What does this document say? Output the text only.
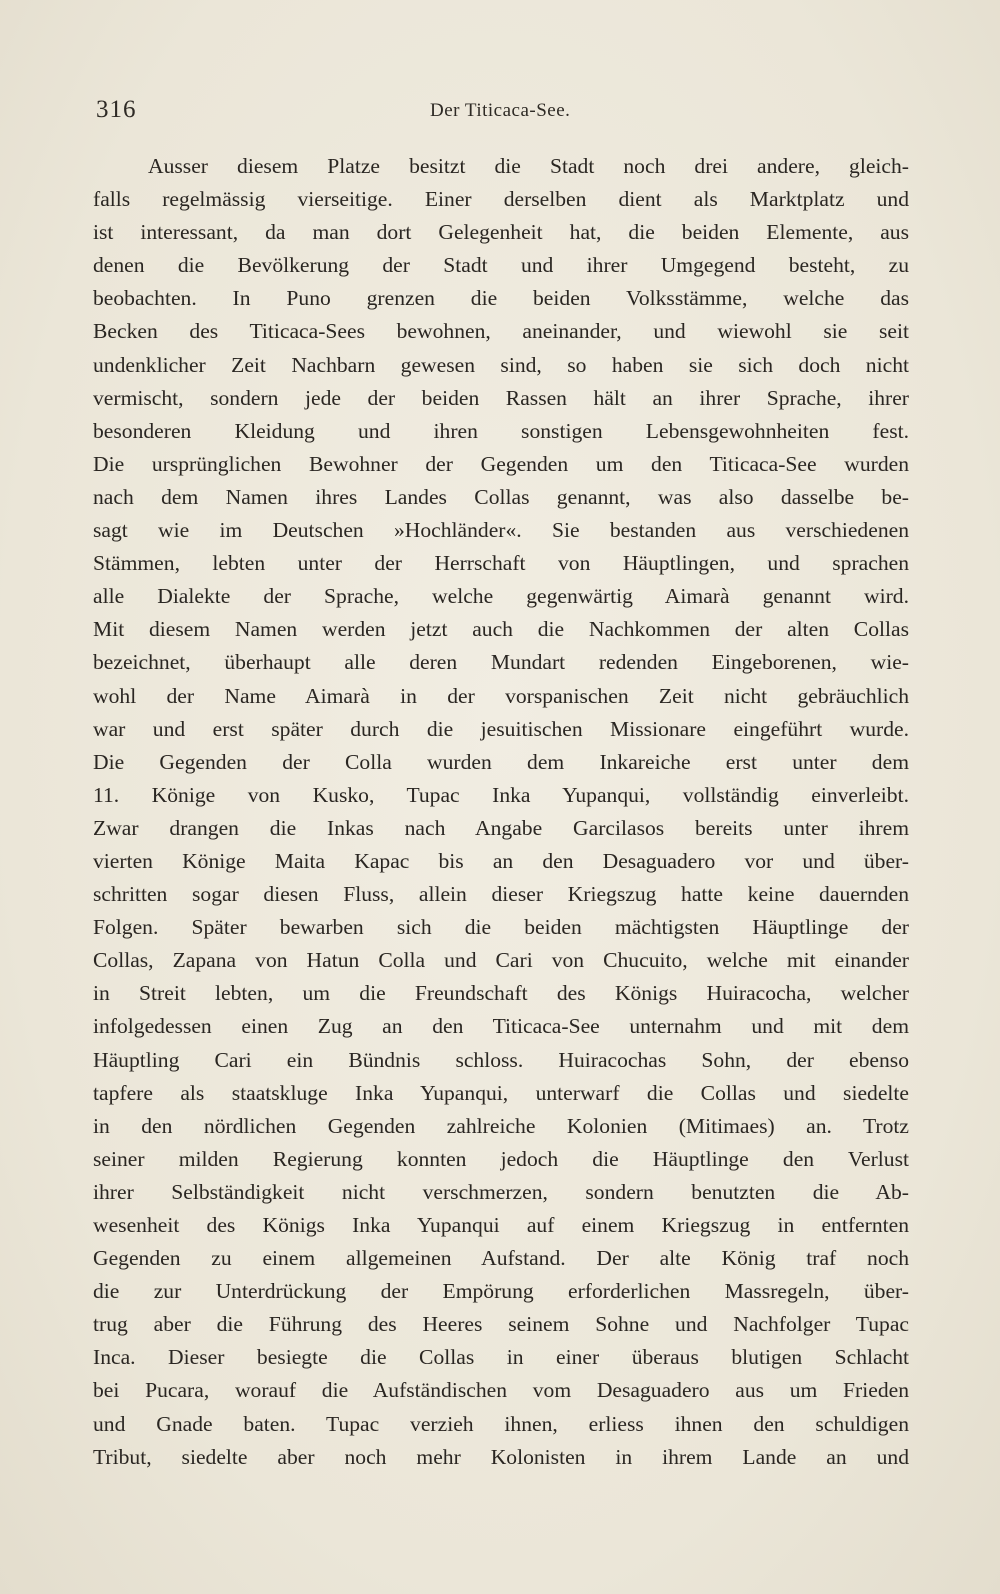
316	Der Titicaca-See.
Ausser diesem Platze besitzt die Stadt noch drei andere, gleich-
falls regelmässig vierseitige. Einer derselben dient als Marktplatz und
ist interessant, da man dort Gelegenheit hat, die beiden Elemente, aus
denen die Bevölkerung der Stadt und ihrer Umgegend besteht, zu
beobachten. In Puno grenzen die beiden Volksstämme, welche das
Becken des Titicaca-Sees bewohnen, aneinander, und wiewohl sie seit
undenklicher Zeit Nachbarn gewesen sind, so haben sie sich doch nicht
vermischt, sondern jede der beiden Rassen hält an ihrer Sprache, ihrer
besonderen Kleidung und ihren sonstigen Lebensgewohnheiten fest.
Die ursprünglichen Bewohner der Gegenden um den Titicaca-See wurden
nach dem Namen ihres Landes Collas genannt, was also dasselbe be-
sagt wie im Deutschen »Hochländer«. Sie bestanden aus verschiedenen
Stämmen, lebten unter der Herrschaft von Häuptlingen, und sprachen
alle Dialekte der Sprache, welche gegenwärtig Aimarà genannt wird.
Mit diesem Namen werden jetzt auch die Nachkommen der alten Collas
bezeichnet, überhaupt alle deren Mundart redenden Eingeborenen, wie-
wohl der Name Aimarà in der vorspanischen Zeit nicht gebräuchlich
war und erst später durch die jesuitischen Missionare eingeführt wurde.
Die Gegenden der Colla wurden dem Inkareiche erst unter dem
11. Könige von Kusko, Tupac Inka Yupanqui, vollständig einverleibt.
Zwar drangen die Inkas nach Angabe Garcilasos bereits unter ihrem
vierten Könige Maita Kapac bis an den Desaguadero vor und über-
schritten sogar diesen Fluss, allein dieser Kriegszug hatte keine dauernden
Folgen. Später bewarben sich die beiden mächtigsten Häuptlinge der
Collas, Zapana von Hatun Colla und Cari von Chucuito, welche mit einander
in Streit lebten, um die Freundschaft des Königs Huiracocha, welcher
infolgedessen einen Zug an den Titicaca-See unternahm und mit dem
Häuptling Cari ein Bündnis schloss. Huiracochas Sohn, der ebenso
tapfere als staatskluge Inka Yupanqui, unterwarf die Collas und siedelte
in den nördlichen Gegenden zahlreiche Kolonien (Mitimaes) an. Trotz
seiner milden Regierung konnten jedoch die Häuptlinge den Verlust
ihrer Selbständigkeit nicht verschmerzen, sondern benutzten die Ab-
wesenheit des Königs Inka Yupanqui auf einem Kriegszug in entfernten
Gegenden zu einem allgemeinen Aufstand. Der alte König traf noch
die zur Unterdrückung der Empörung erforderlichen Massregeln, über-
trug aber die Führung des Heeres seinem Sohne und Nachfolger Tupac
Inca. Dieser besiegte die Collas in einer überaus blutigen Schlacht
bei Pucara, worauf die Aufständischen vom Desaguadero aus um Frieden
und Gnade baten. Tupac verzieh ihnen, erliess ihnen den schuldigen
Tribut, siedelte aber noch mehr Kolonisten in ihrem Lande an und
